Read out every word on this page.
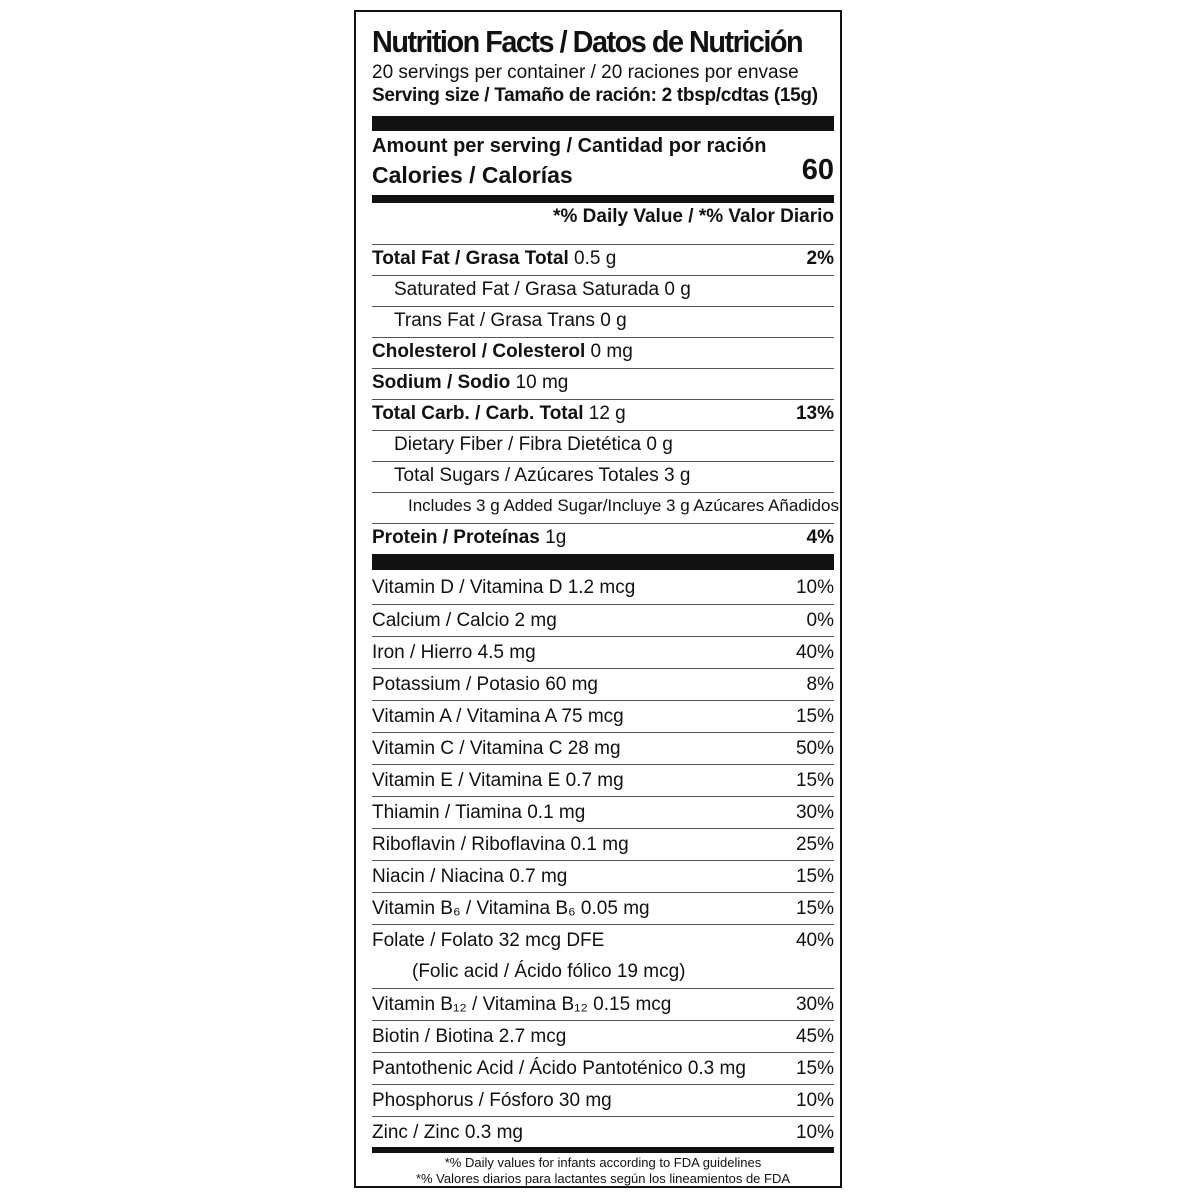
Nutrition Facts / Datos de Nutrición
20 servings per container / 20 raciones por envase
Serving size / Tamaño de ración: 2 tbsp/cdtas (15g)
Amount per serving / Cantidad por ración
Calories / Calorías	60
*% Daily Value / *% Valor Diario
Total Fat / Grasa Total 0.5 g	2%
Saturated Fat / Grasa Saturada 0 g
Trans Fat / Grasa Trans 0 g
Cholesterol / Colesterol 0 mg
Sodium / Sodio 10 mg
Total Carb. / Carb. Total 12 g	13%
Dietary Fiber / Fibra Dietética 0 g
Total Sugars / Azúcares Totales 3 g
Includes 3 g Added Sugar/Incluye 3 g Azúcares Añadidos
Protein / Proteínas 1g	4%
Vitamin D / Vitamina D 1.2 mcg	10%
Calcium / Calcio 2 mg	0%
Iron / Hierro 4.5 mg	40%
Potassium / Potasio 60 mg	8%
Vitamin A / Vitamina A 75 mcg	15%
Vitamin C / Vitamina C 28 mg	50%
Vitamin E / Vitamina E 0.7 mg	15%
Thiamin / Tiamina 0.1 mg	30%
Riboflavin / Riboflavina 0.1 mg	25%
Niacin / Niacina 0.7 mg	15%
Vitamin B₆ / Vitamina B₆ 0.05 mg	15%
Folate / Folato 32 mcg DFE	40%
(Folic acid / Ácido fólico 19 mcg)
Vitamin B₁₂ / Vitamina B₁₂ 0.15 mcg	30%
Biotin / Biotina 2.7 mcg	45%
Pantothenic Acid / Ácido Pantoténico 0.3 mg	15%
Phosphorus / Fósforo 30 mg	10%
Zinc / Zinc 0.3 mg	10%
*% Daily values for infants according to FDA guidelines
*% Valores diarios para lactantes según los lineamientos de FDA
